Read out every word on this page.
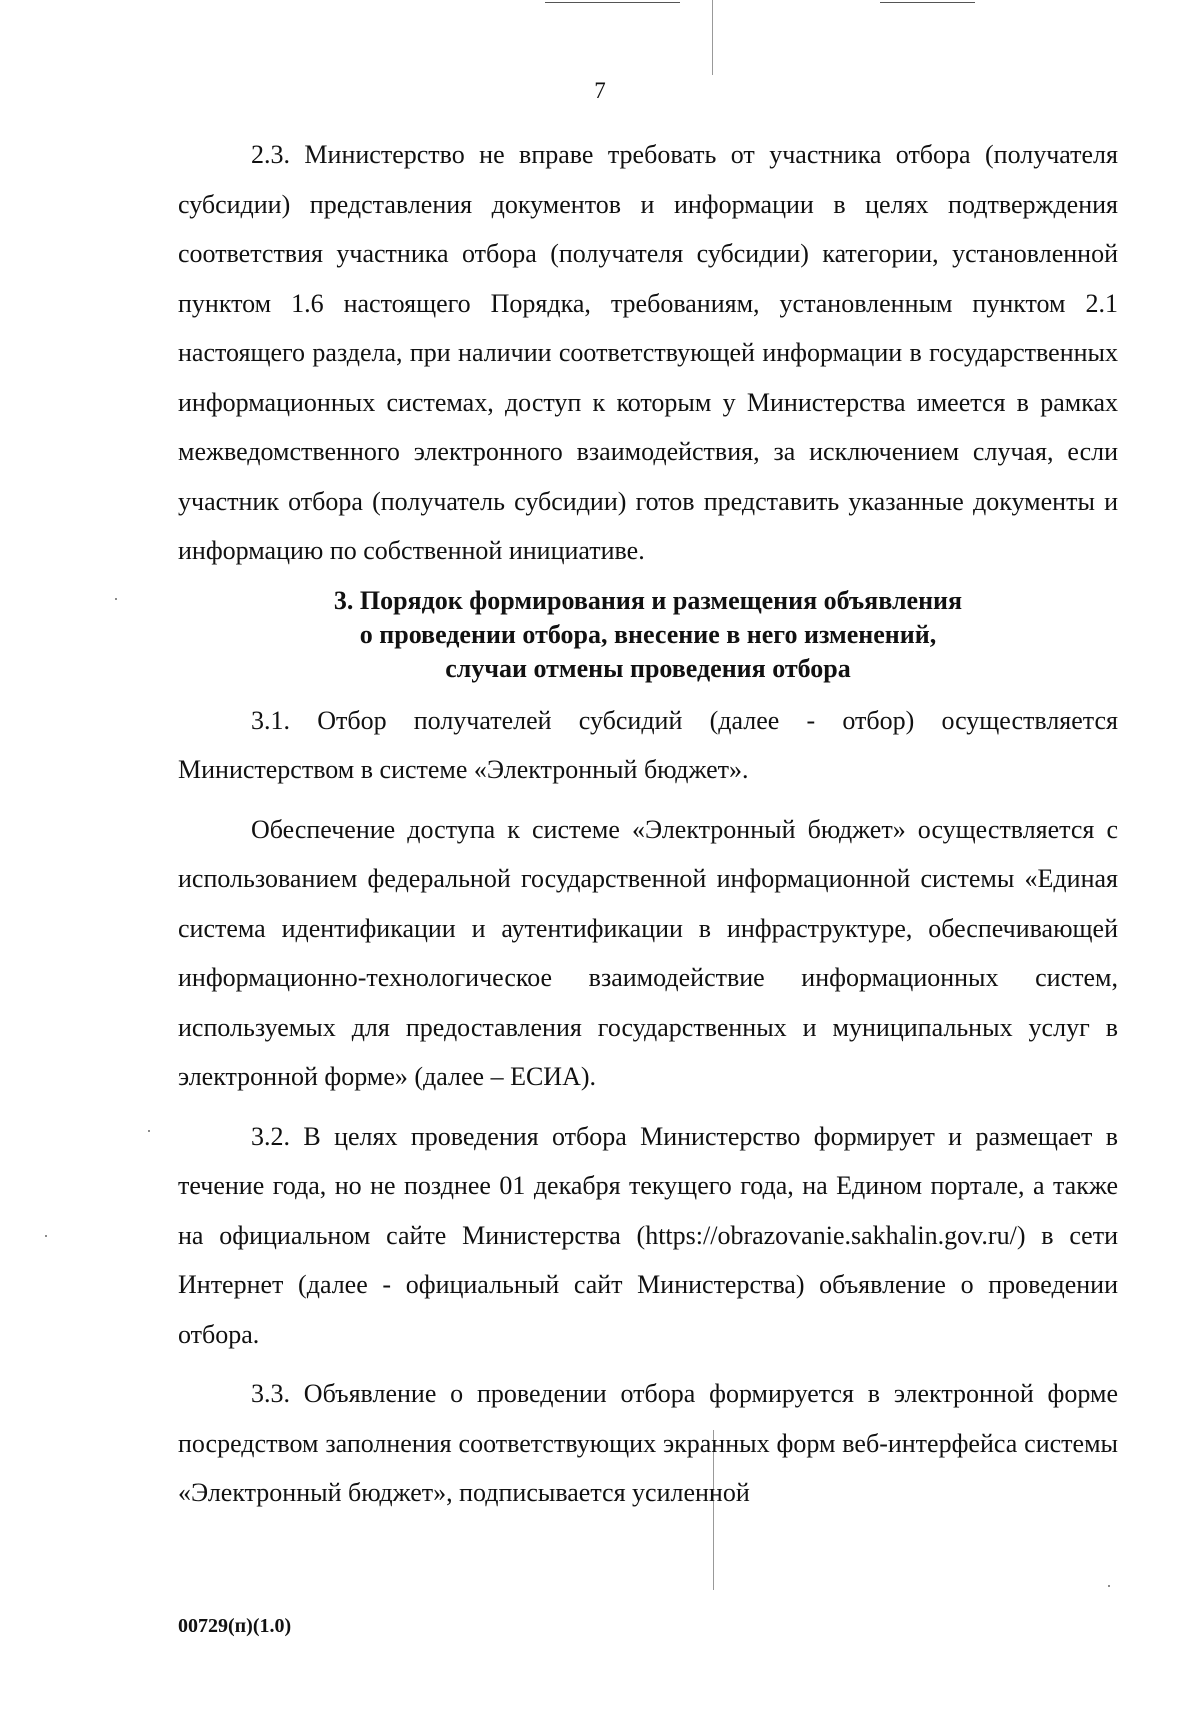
7

2.3. Министерство не вправе требовать от участника отбора (получателя субсидии) представления документов и информации в целях подтверждения соответствия участника отбора (получателя субсидии) категории, установленной пунктом 1.6 настоящего Порядка, требованиям, установленным пунктом 2.1 настоящего раздела, при наличии соответствующей информации в государственных информационных системах, доступ к которым у Министерства имеется в рамках межведомственного электронного взаимодействия, за исключением случая, если участник отбора (получатель субсидии) готов представить указанные документы и информацию по собственной инициативе.

3. Порядок формирования и размещения объявления
о проведении отбора, внесение в него изменений,
случаи отмены проведения отбора

3.1. Отбор получателей субсидий (далее - отбор) осуществляется Министерством в системе «Электронный бюджет».

Обеспечение доступа к системе «Электронный бюджет» осуществляется с использованием федеральной государственной информационной системы «Единая система идентификации и аутентификации в инфраструктуре, обеспечивающей информационно-технологическое взаимодействие информационных систем, используемых для предоставления государственных и муниципальных услуг в электронной форме» (далее – ЕСИА).

3.2. В целях проведения отбора Министерство формирует и размещает в течение года, но не позднее 01 декабря текущего года, на Едином портале, а также на официальном сайте Министерства (https://obrazovanie.sakhalin.gov.ru/) в сети Интернет (далее - официальный сайт Министерства) объявление о проведении отбора.

3.3. Объявление о проведении отбора формируется в электронной форме посредством заполнения соответствующих экранных форм веб-интерфейса системы «Электронный бюджет», подписывается усиленной

00729(п)(1.0)
